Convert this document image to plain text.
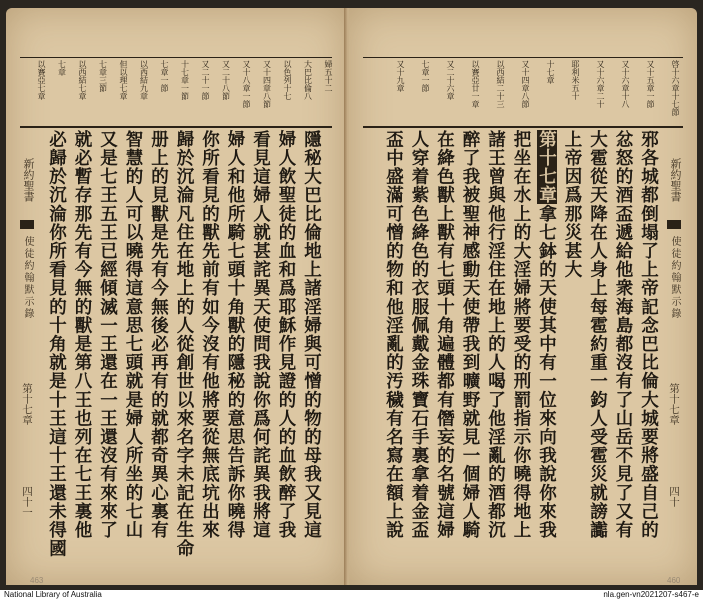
婦五十二
大巴比倫八
以色列十七
又十四章八節
又十八章一節
又二十八節
又二十一節
十七章一節
七章一節
以西結九章
但以理七章
七章三節
以西結七章
七章
以賽亞七章
隱秘大巴比倫地上諸淫婦與可憎的物的母我又見這
婦人飲聖徒的血和爲耶穌作見證的人的血飲醉了我
看見這婦人就甚詫異天使問我說你爲何詫異我將這
婦人和他所騎七頭十角獸的隱秘的意思告訴你曉得
你所看見的獸先前有如今沒有他將要從無底坑出來
歸於沉淪凡住在地上的人從創世以來名字未記在生命
册上的見獸是先有今無後必再有的就都奇異心裏有
智慧的人可以曉得這意思七頭就是婦人所坐的七山
又是七王五王已經傾滅一王還在一王還沒有來來了
就必暫存那先有今無的獸是第八王也列在七王裏他
必歸於沉淪你所看見的十角就是十王這十王還未得國
新約聖書
使徒約翰默示錄
第十七章
四十一
463
啓十六章十七節
又十五章一節
又十六章十八
又十六章二十
耶利米五十
十七章
又十四章八節
以西結二十三
以賽亞廿一章
又二十六章
七章一節
又十九章
邪各城都倒塌了上帝記念巴比倫大城要將盛自己的
忿怒的酒盃遞給他衆海島都沒有了山岳不見了又有
大雹從天降在人身上每雹約重一鈞人受雹災就謗讟
上帝因爲那災甚大
第十七章拿七鉢的天使其中有一位來向我說你來我
把坐在水上的大淫婦將要受的刑罰指示你曉得地上
諸王曾與他行淫住在地上的人喝了他淫亂的酒都沉
醉了我被聖神感動天使帶我到曠野就見一個婦人騎
在絳色獸上獸有七頭十角遍體都有僭妄的名號這婦
人穿着紫色絳色的衣服佩戴金珠寶石手裏拿着金盃
盃中盛滿可憎的物和他淫亂的汚穢有名寫在額上說	新約聖書
使徒約翰默示錄
第十七章
四十
460
National Library of Australia	nla.gen-vn2021207-s467-e
